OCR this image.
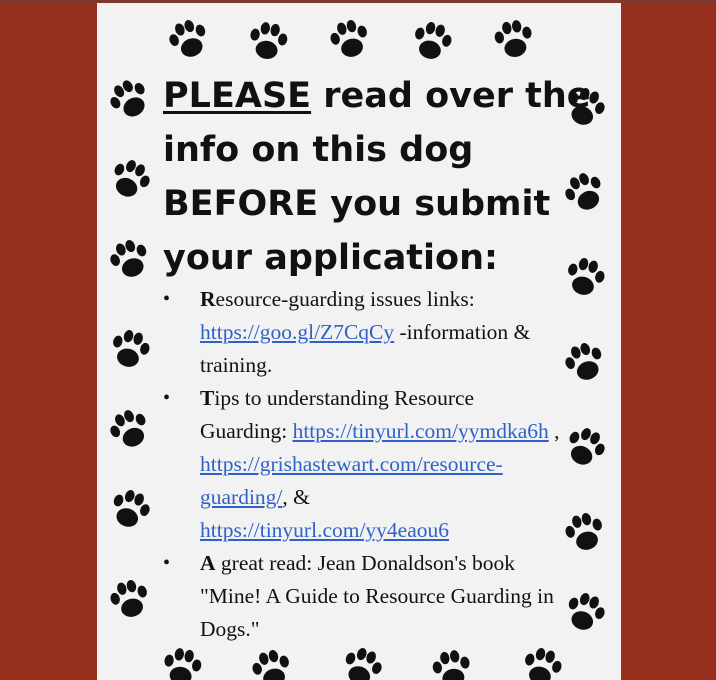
PLEASE read over the info on this dog BEFORE you submit your application:
• Resource-guarding issues links: https://goo.gl/Z7CqCy -information & training.
• Tips to understanding Resource Guarding: https://tinyurl.com/yymdka6h , https://grishastewart.com/resource-guarding/, & https://tinyurl.com/yy4eaou6
• A great read: Jean Donaldson's book "Mine! A Guide to Resource Guarding in Dogs."
